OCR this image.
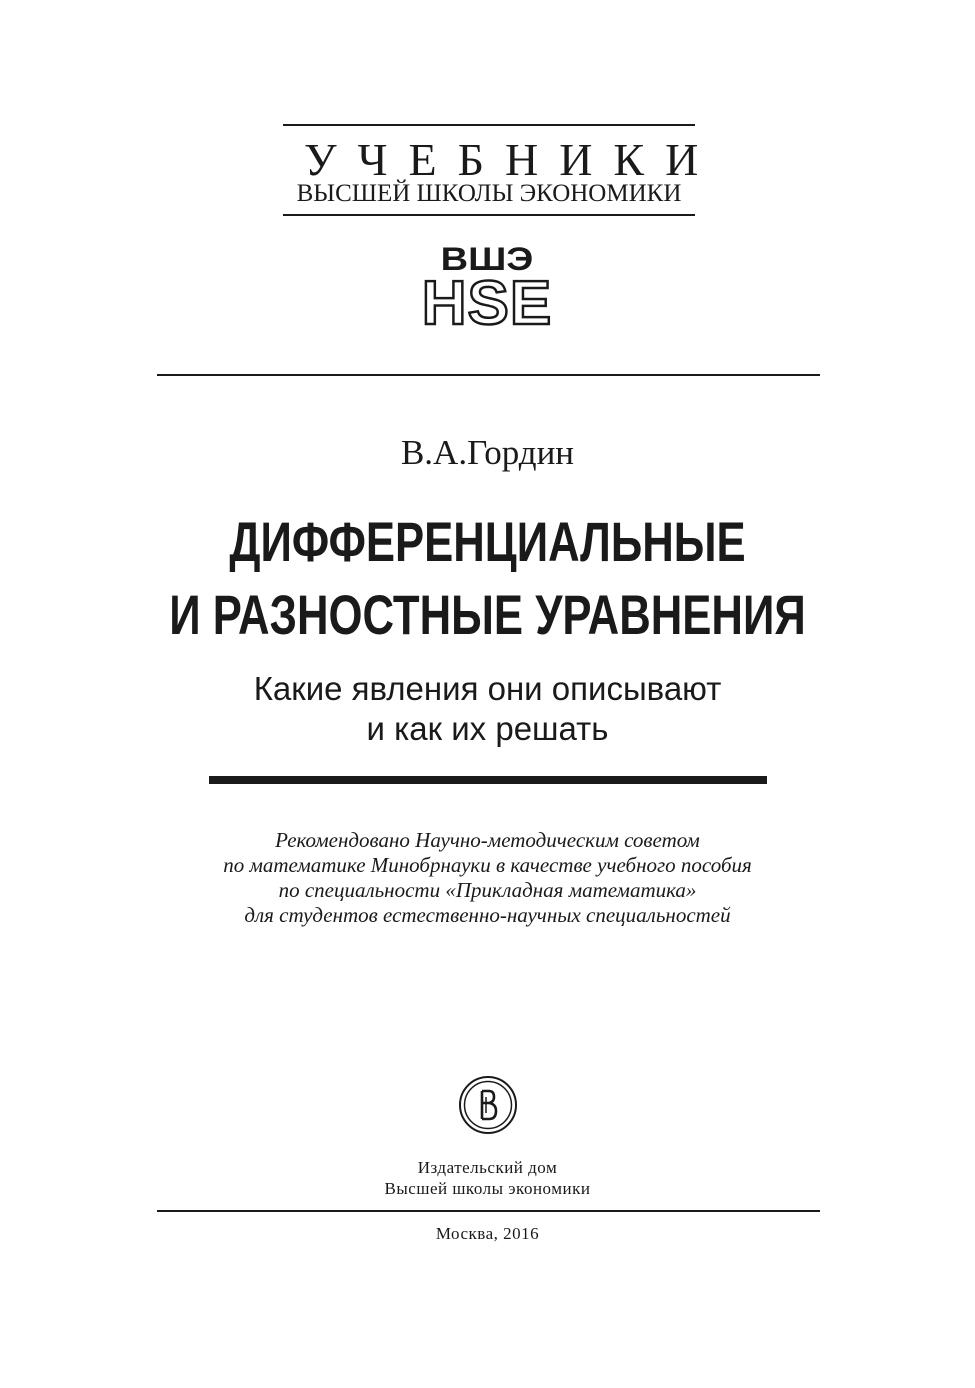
УЧЕБНИКИ
ВЫСШЕЙ ШКОЛЫ ЭКОНОМИКИ
ВШЭ
HSE
В.А.Гордин
ДИФФЕРЕНЦИАЛЬНЫЕ
И РАЗНОСТНЫЕ УРАВНЕНИЯ
Какие явления они описывают
и как их решать
Рекомендовано Научно-методическим советом
по математике Минобрнауки в качестве учебного пособия
по специальности «Прикладная математика»
для студентов естественно-научных специальностей
Издательский дом
Высшей школы экономики
Москва, 2016
